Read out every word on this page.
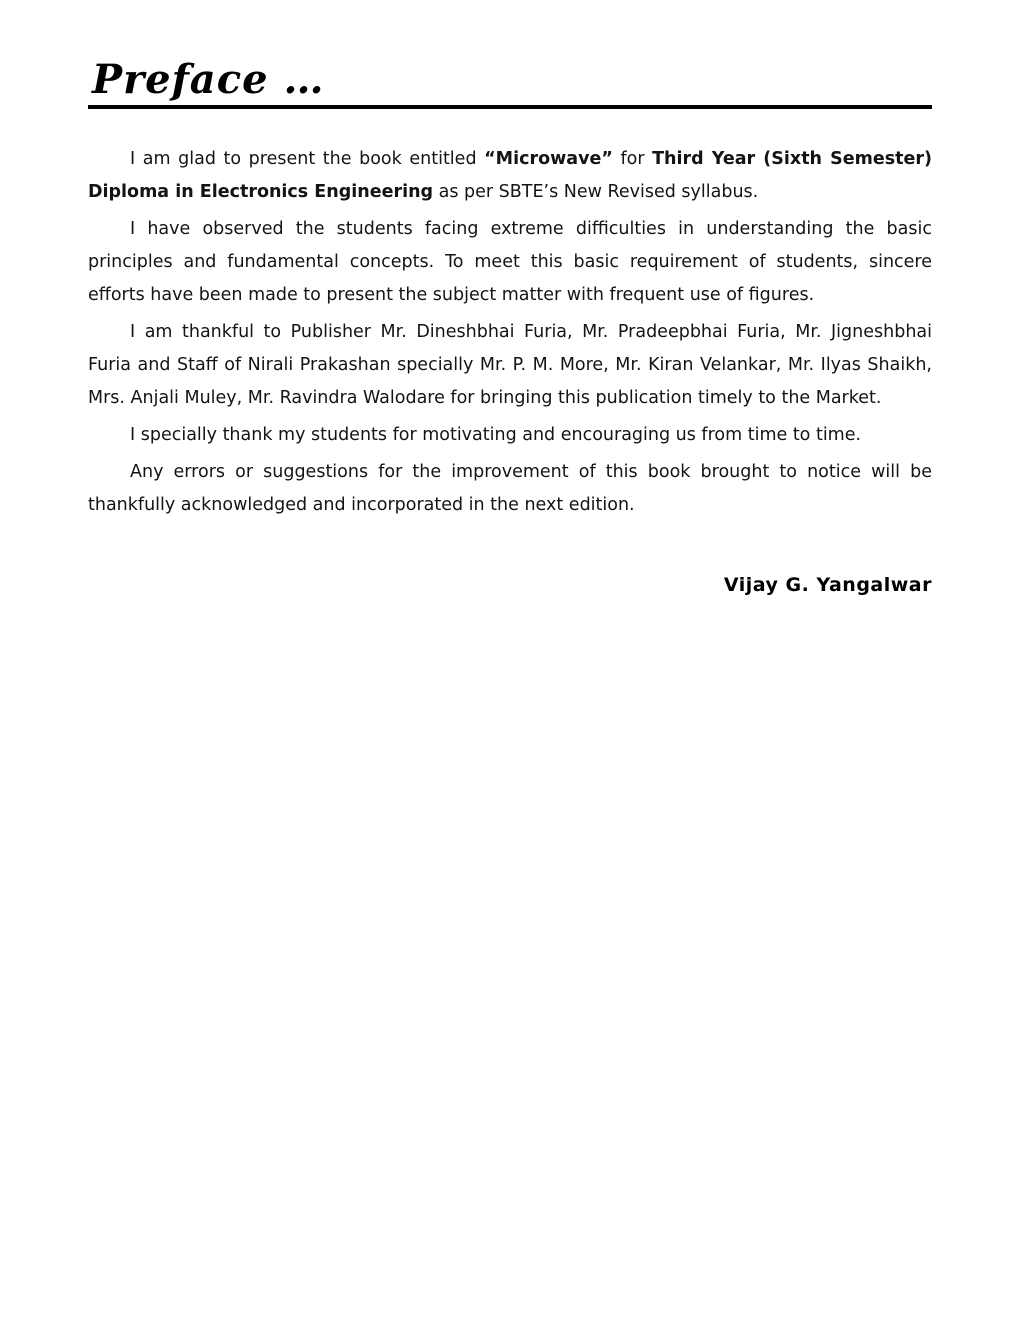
Preface …

I am glad to present the book entitled “Microwave” for Third Year (Sixth Semester) Diploma in Electronics Engineering as per SBTE’s New Revised syllabus.

I have observed the students facing extreme difficulties in understanding the basic principles and fundamental concepts. To meet this basic requirement of students, sincere efforts have been made to present the subject matter with frequent use of figures.

I am thankful to Publisher Mr. Dineshbhai Furia, Mr. Pradeepbhai Furia, Mr. Jigneshbhai Furia and Staff of Nirali Prakashan specially Mr. P. M. More, Mr. Kiran Velankar, Mr. Ilyas Shaikh, Mrs. Anjali Muley, Mr. Ravindra Walodare for bringing this publication timely to the Market.

I specially thank my students for motivating and encouraging us from time to time.

Any errors or suggestions for the improvement of this book brought to notice will be thankfully acknowledged and incorporated in the next edition.

Vijay G. Yangalwar
